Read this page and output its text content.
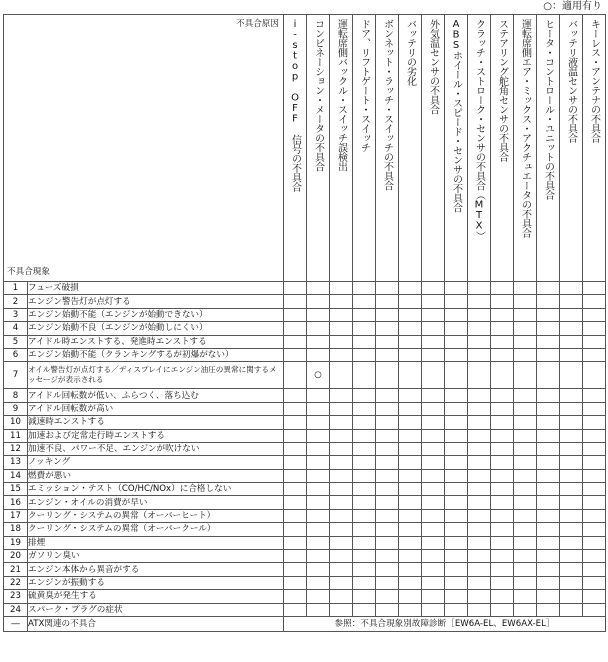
○：適用有り
不具合原因
不具合現象		i-stop OFF 信号の不具合	コンビネーション・メータの不具合	運転席側バックル・スイッチ誤検出	ドア、リフトゲート・スイッチ	ボンネット・ラッチ・スイッチの不具合	バッテリの劣化	外気温センサの不具合	ABSホイール・スピード・センサの不具合	クラッチ・ストローク・センサの不具合（MTX）	ステアリング舵角センサの不具合	運転席側エア・ミックス・アクチュエータの不具合	ヒータ・コントロール・ユニットの不具合	バッテリ液温センサの不具合	キーレス・アンテナの不具合

1	フューズ破損														
2	エンジン警告灯が点灯する														
3	エンジン始動不能（エンジンが始動できない）														
4	エンジン始動不良（エンジンが始動しにくい）														
5	アイドル時エンストする、発進時エンストする														
6	エンジン始動不能（クランキングするが初爆がない）														
7	オイル警告灯が点灯する／ディスプレイにエンジン油圧の異常に関するメッセージが表示される		○												
8	アイドル回転数が低い、ふらつく、落ち込む														
9	アイドル回転数が高い														
10	減速時エンストする														
11	加速および定常走行時エンストする														
12	加速不良、パワー不足、エンジンが吹けない														
13	ノッキング														
14	燃費が悪い														
15	エミッション・テスト（CO/HC/NOx）に合格しない														
16	エンジン・オイルの消費が早い														
17	クーリング・システムの異常（オーバーヒート）														
18	クーリング・システムの異常（オーバークール）														
19	排煙														
20	ガソリン臭い														
21	エンジン本体から異音がする														
22	エンジンが振動する														
23	硫黄臭が発生する														
24	スパーク・プラグの症状														
―	ATX関連の不具合	参照：不具合現象別故障診断［EW6A-EL、EW6AX-EL］													
